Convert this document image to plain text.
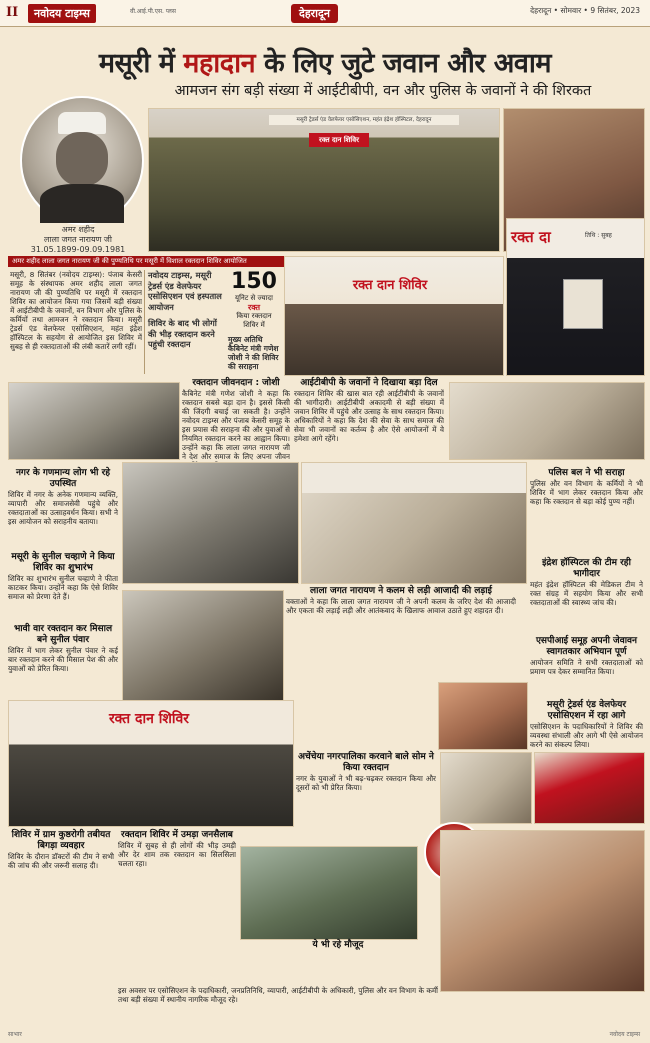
II	नवोदय टाइम्स	वी.आई.पी.एस. प्लस	देहरादून	देहरादून • सोमवार • 9 सितंबर, 2023
मसूरी में महादान के लिए जुटे जवान और अवाम
आमजन संग बड़ी संख्या में आईटीबीपी, वन और पुलिस के जवानों ने की शिरकत
अमर शहीद
लाला जगत नारायण जी
31.05.1899-09.09.1981
मसूरी ट्रेडर्स एंड वेलफेयर एसोसिएशन, महंत इंद्रेश हॉस्पिटल, देहरादून
रक्त दान शिविर
अमर शहीद लाला जगत नारायण जी की पुण्यतिथि पर मसूरी में विशाल रक्तदान शिविर आयोजित
मसूरी, 8 सितंबर (नवोदय टाइम्स): पंजाब केसरी समूह के संस्थापक अमर शहीद लाला जगत नारायण जी की पुण्यतिथि पर मसूरी में रक्तदान शिविर का आयोजन किया गया जिसमें बड़ी संख्या में आईटीबीपी के जवानों, वन विभाग और पुलिस के कर्मियों तथा आमजन ने रक्तदान किया। मसूरी ट्रेडर्स एंड वेलफेयर एसोसिएशन, महंत इंद्रेश हॉस्पिटल के सहयोग से आयोजित इस शिविर में सुबह से ही रक्तदाताओं की लंबी कतारें लगी रहीं।
नवोदय टाइम्स, मसूरी ट्रेडर्स एंड वेलफेयर एसोसिएशन एवं हस्पताल आयोजन
शिविर के बाद भी लोगों की भीड़ रक्तदान करने पहुंची रक्तदान
150
यूनिट से ज्यादा
रक्त
किया रक्तदान शिविर में
मुख्य अतिथि कैबिनेट मंत्री गणेश जोशी ने की शिविर की सराहना
रक्त दान शिविर
रक्त दा	तिथि : सुबह
रक्तदान जीवनदान : जोशी
कैबिनेट मंत्री गणेश जोशी ने कहा कि रक्तदान सबसे बड़ा दान है। इससे किसी की जिंदगी बचाई जा सकती है। उन्होंने नवोदय टाइम्स और पंजाब केसरी समूह के इस प्रयास की सराहना की और युवाओं से नियमित रक्तदान करने का आह्वान किया। उन्होंने कहा कि लाला जगत नारायण जी ने देश और समाज के लिए अपना जीवन
आईटीबीपी के जवानों ने दिखाया बड़ा दिल
रक्तदान शिविर की खास बात रही आईटीबीपी के जवानों की भागीदारी। आईटीबीपी अकादमी से बड़ी संख्या में जवान शिविर में पहुंचे और उत्साह के साथ रक्तदान किया। अधिकारियों ने कहा कि देश की सेवा के साथ समाज की सेवा भी जवानों का कर्तव्य है और ऐसे आयोजनों में वे हमेशा आगे रहेंगे।
नगर के गणमान्य लोग भी रहे उपस्थित
शिविर में नगर के अनेक गणमान्य व्यक्ति, व्यापारी और समाजसेवी पहुंचे और रक्तदाताओं का उत्साहवर्धन किया। सभी ने इस आयोजन को सराहनीय बताया।
मसूरी के सुनील चव्हाणे ने किया शिविर का शुभारंभ
शिविर का शुभारंभ सुनील चव्हाणे ने फीता काटकर किया। उन्होंने कहा कि ऐसे शिविर समाज को प्रेरणा देते हैं।
भावी वार रक्तदान कर मिसाल बने सुनील पंवार
शिविर में भाग लेकर सुनील पंवार ने कई बार रक्तदान करने की मिसाल पेश की और युवाओं को प्रेरित किया।
पलिस बल ने भी सराहा
पुलिस और वन विभाग के कर्मियों ने भी शिविर में भाग लेकर रक्तदान किया और कहा कि रक्तदान से बड़ा कोई पुण्य नहीं।
इंद्रेश हॉस्पिटल की टीम रही भागीदार
महंत इंद्रेश हॉस्पिटल की मेडिकल टीम ने रक्त संग्रह में सहयोग किया और सभी रक्तदाताओं की स्वास्थ्य जांच की।
एसपीआई समूह अपनी जेवावन स्वागतकार अभियान पूर्ण
आयोजन समिति ने सभी रक्तदाताओं को प्रमाण पत्र देकर सम्मानित किया।
मसूरी ट्रेडर्स एंड वेलफेयर एसोसिएशन में रहा आगे
एसोसिएशन के पदाधिकारियों ने शिविर की व्यवस्था संभाली और आगे भी ऐसे आयोजन करने का संकल्प लिया।
लाला जगत नारायण ने कलम से लड़ी आजादी की लड़ाई
वक्ताओं ने कहा कि लाला जगत नारायण जी ने अपनी कलम के जरिए देश की आजादी और एकता की लड़ाई लड़ी और आतंकवाद के खिलाफ आवाज उठाते हुए शहादत दी।
रक्त दान शिविर
अचेंचेया नगरपालिका करवाने बाले सोम ने किया रक्तदान
नगर के युवाओं ने भी बढ़-चढ़कर रक्तदान किया और दूसरों को भी प्रेरित किया।
शिविर में ग्राम कुष्ठरोगी तबीयत बिगड़ा व्यवहार
शिविर के दौरान डॉक्टरों की टीम ने सभी की जांच की और जरूरी सलाह दी।
रक्तदान शिविर में उमड़ा जनसैलाब
शिविर में सुबह से ही लोगों की भीड़ उमड़ी और देर शाम तक रक्तदान का सिलसिला चलता रहा।
ये भी रहे मौजूद
इस अवसर पर एसोसिएशन के पदाधिकारी, जनप्रतिनिधि, व्यापारी, आईटीबीपी के अधिकारी, पुलिस और वन विभाग के कर्मी तथा बड़ी संख्या में स्थानीय नागरिक मौजूद रहे।
साभार	नवोदय टाइम्स
